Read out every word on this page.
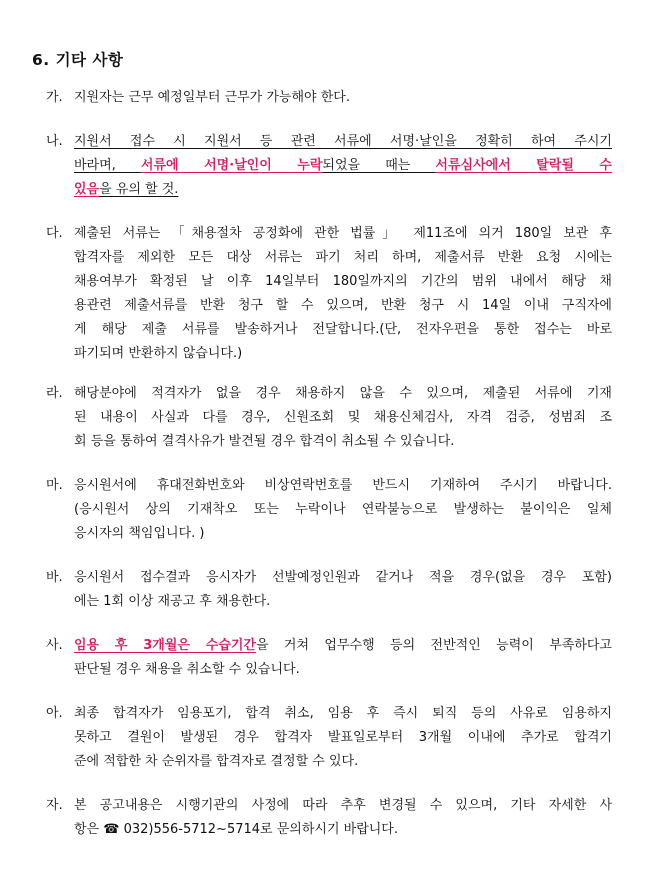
6. 기타 사항
가. 지원자는 근무 예정일부터 근무가 가능해야 한다.
나. 지원서 접수 시 지원서 등 관련 서류에 서명·날인을 정확히 하여 주시기
바라며, 서류에 서명·날인이 누락되었을 때는 서류심사에서 탈락될 수
있음을 유의 할 것.
다. 제출된 서류는 「채용절차 공정화에 관한 법률」 제11조에 의거 180일 보관 후
합격자를 제외한 모든 대상 서류는 파기 처리 하며, 제출서류 반환 요청 시에는
채용여부가 확정된 날 이후 14일부터 180일까지의 기간의 범위 내에서 해당 채
용관련 제출서류를 반환 청구 할 수 있으며, 반환 청구 시 14일 이내 구직자에
게 해당 제출 서류를 발송하거나 전달합니다.(단, 전자우편을 통한 접수는 바로
파기되며 반환하지 않습니다.)
라. 해당분야에 적격자가 없을 경우 채용하지 않을 수 있으며, 제출된 서류에 기재
된 내용이 사실과 다를 경우, 신원조회 및 채용신체검사, 자격 검증, 성범죄 조
회 등을 통하여 결격사유가 발견될 경우 합격이 취소될 수 있습니다.
마. 응시원서에 휴대전화번호와 비상연락번호를 반드시 기재하여 주시기 바랍니다.
(응시원서 상의 기재착오 또는 누락이나 연락불능으로 발생하는 불이익은 일체
응시자의 책임입니다. )
바. 응시원서 접수결과 응시자가 선발예정인원과 같거나 적을 경우(없을 경우 포함)
에는 1회 이상 재공고 후 채용한다.
사. 임용 후 3개월은 수습기간을 거쳐 업무수행 등의 전반적인 능력이 부족하다고
판단될 경우 채용을 취소할 수 있습니다.
아. 최종 합격자가 임용포기, 합격 취소, 임용 후 즉시 퇴직 등의 사유로 임용하지
못하고 결원이 발생된 경우 합격자 발표일로부터 3개월 이내에 추가로 합격기
준에 적합한 차 순위자를 합격자로 결정할 수 있다.
자. 본 공고내용은 시행기관의 사정에 따라 추후 변경될 수 있으며, 기타 자세한 사
항은 ☎ 032)556-5712~5714로 문의하시기 바랍니다.
